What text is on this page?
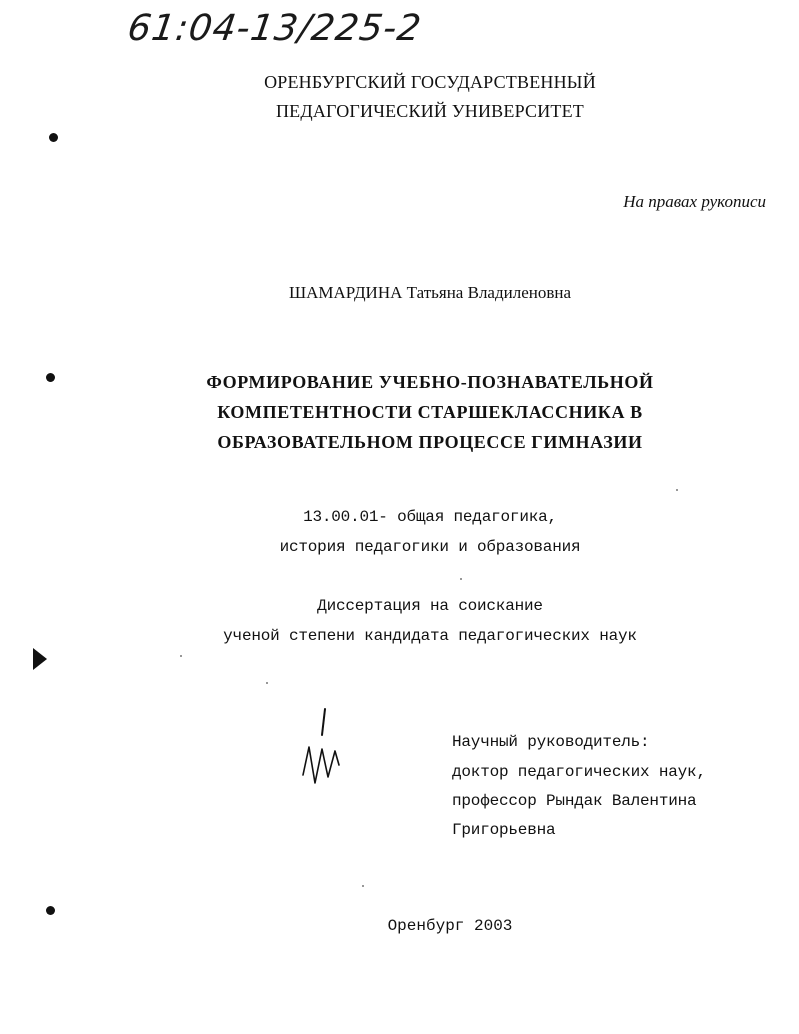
61:04-13/225-2
ОРЕНБУРГСКИЙ ГОСУДАРСТВЕННЫЙ
ПЕДАГОГИЧЕСКИЙ УНИВЕРСИТЕТ
На правах рукописи
ШАМАРДИНА Татьяна Владиленовна
ФОРМИРОВАНИЕ УЧЕБНО-ПОЗНАВАТЕЛЬНОЙ
КОМПЕТЕНТНОСТИ СТАРШЕКЛАССНИКА В
ОБРАЗОВАТЕЛЬНОМ ПРОЦЕССЕ ГИМНАЗИИ
13.00.01- общая педагогика,
история педагогики и образования
Диссертация на соискание
ученой степени кандидата педагогических наук
Научный руководитель:
доктор педагогических наук,
профессор Рындак Валентина
Григорьевна
Оренбург 2003
